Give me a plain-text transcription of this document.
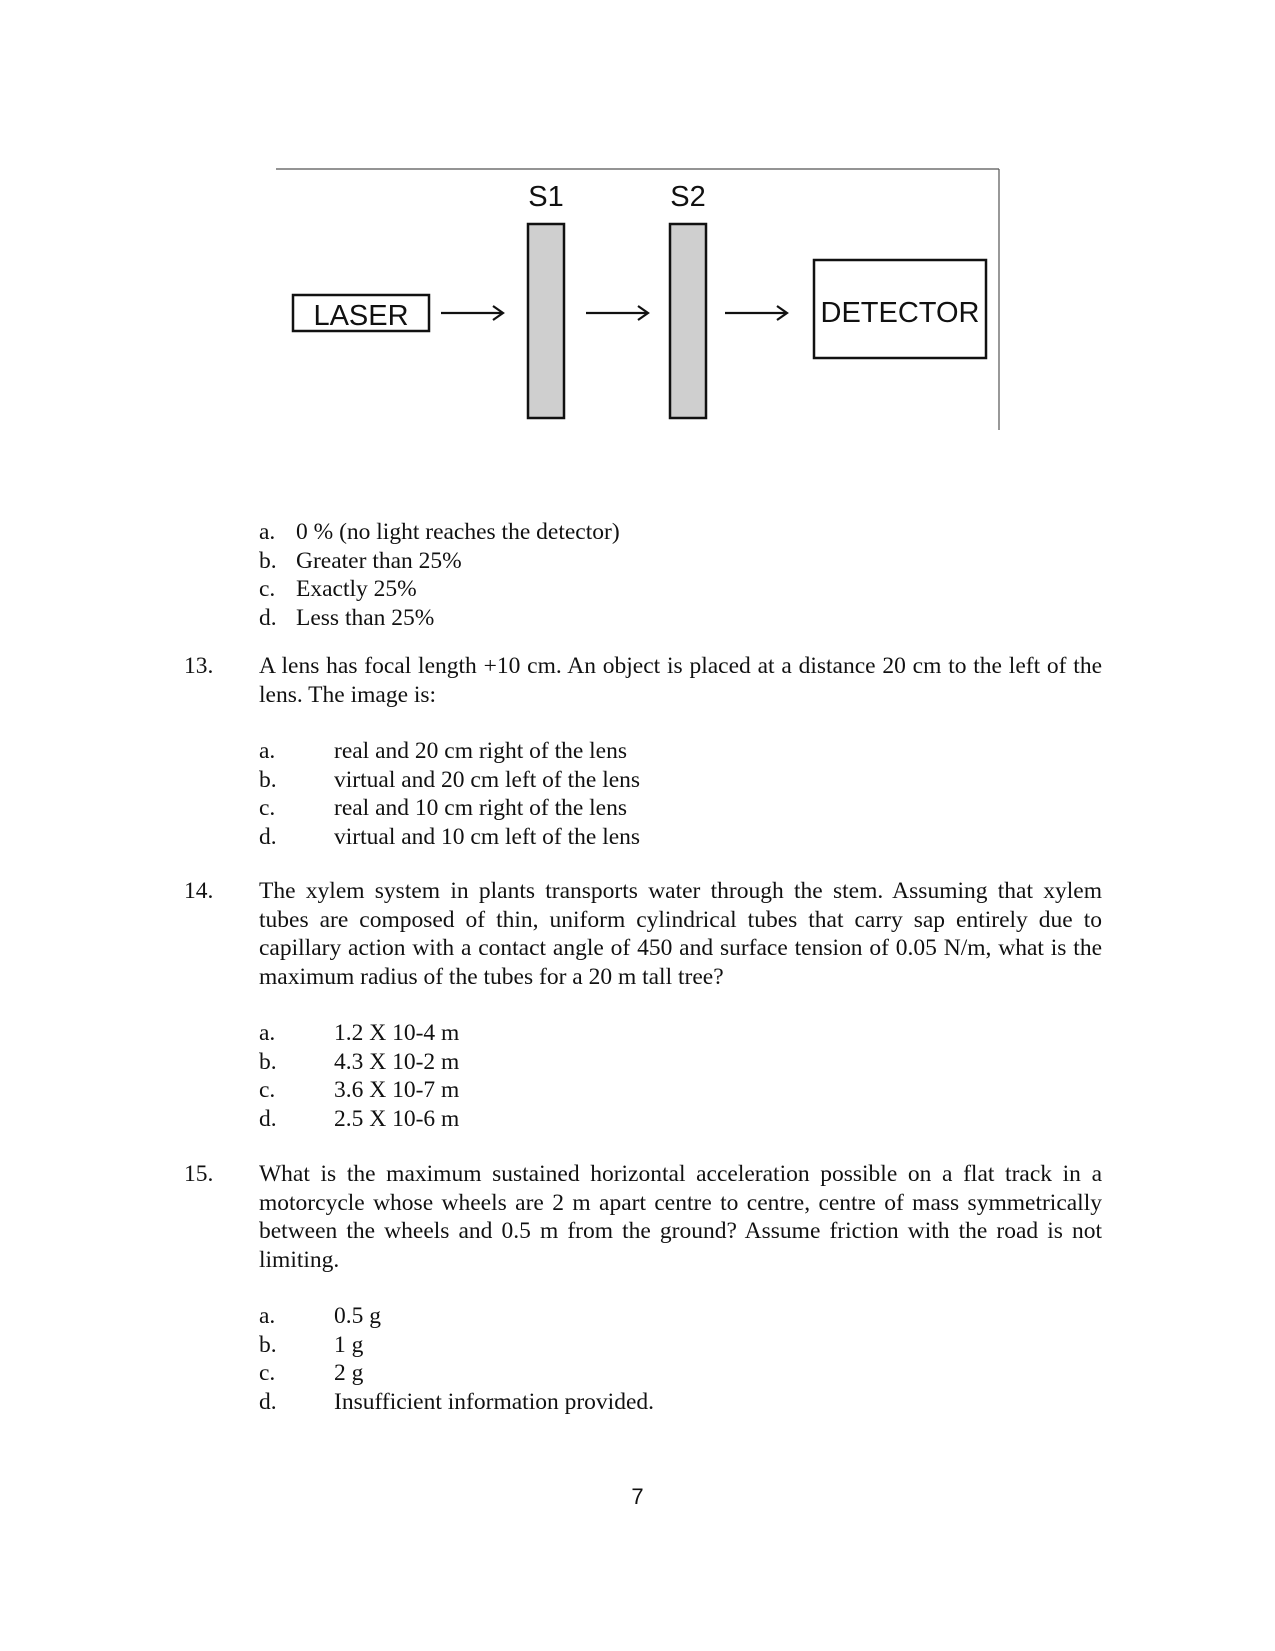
LASER
S1	S2
DETECTOR
a. 0 % (no light reaches the detector)
b. Greater than 25%
c. Exactly 25%
d. Less than 25%
13.	A lens has focal length +10 cm. An object is placed at a distance 20 cm to the left of the lens. The image is:
a.	real and 20 cm right of the lens
b.	virtual and 20 cm left of the lens
c.	real and 10 cm right of the lens
d.	virtual and 10 cm left of the lens
14.	The xylem system in plants transports water through the stem. Assuming that xylem tubes are composed of thin, uniform cylindrical tubes that carry sap entirely due to capillary action with a contact angle of 450 and surface tension of 0.05 N/m, what is the maximum radius of the tubes for a 20 m tall tree?
a.	1.2 X 10-4 m
b.	4.3 X 10-2 m
c.	3.6 X 10-7 m
d.	2.5 X 10-6 m
15.	What is the maximum sustained horizontal acceleration possible on a flat track in a motorcycle whose wheels are 2 m apart centre to centre, centre of mass symmetrically between the wheels and 0.5 m from the ground? Assume friction with the road is not limiting.
a.	0.5 g
b.	1 g
c.	2 g
d.	Insufficient information provided.
7
